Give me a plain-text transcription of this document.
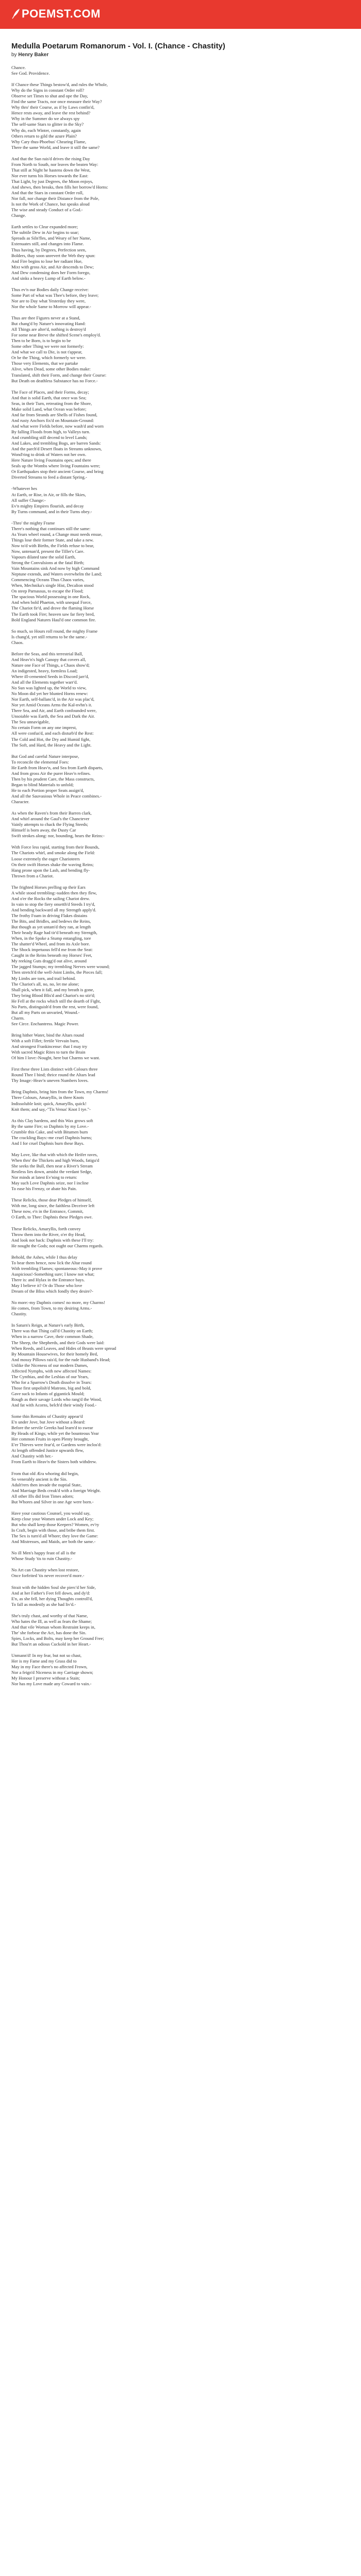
POEMST.COM
Medulla Poetarum Romanorum - Vol. I. (Chance - Chastity)
by Henry Baker
Chance.
See God. Providence.

If Chance these Things bestow'd, and rules the Whole,
Why do the Signs in constant Order roll?
Observe set Times to shut and ope the Day,
Find the same Tracts, nor once measure their Way?
Why thro' their Course, as if by Laws confin'd,
Hence rests away, and leave the rest behind?
Why in the Summer do we always spy
The self-same Stars to glitter in the Sky?
Why do, each Winter, constantly, again
Others return to gild the azure Plain?
Why Cary thus-Phoebus' Chearing Flame,
There the same World, and leave it still the same?

And that the Sun rais'd drives the rising Day
From North to South, nor leaves the beaten Way:
That still at Night he hastens down the West,
Nor ever turns his Horses towards the East:
That Light, by just Degrees, the Moon enjoys,
And shews, then breaks, then fills her borrow'd Horns:
And that the Stars in constant Order roll,
Nor fall, nor change their Distance from the Pole,
Is not the Work of Chance, but speaks aloud
The wise and steady Conduct of a God.-
Change.

Earth settles to Clear expanded more;
The subtile Dew in Air begins to soar;
Spreads as Siln'fles, and Weary of her Name,
Extenuates still, and changes into Flame.
Thus having, by Degrees, Perfection seen,
Bolders, thay soon unrevert the Web they spun:
And Fire begins to lose her radiant Hue,
Mixt with gross Air, and Air descends to Dew;
And Dew condensing does her Form forego,
And sinks a heavy Lump of Earth below.-

Thus ev'n our Bodies daily Change receive:
Some Part of what was Thee's before, they leave;
Nor are to Day what Yesterday they were,
Nor the whole Same to Morrow will appear.-

Thus are thee Figures never at a Stand,
But chang'd by Nature's innovating Hand:
All Things are alter'd, nothing is destroy'd
For some near Breve the shifted Scene's employ'd.
Then to be Born, is to begin to be
Some other Thing we were not formerly:
And what we call to Die, is not t'appear,
Or be the Thing, which formerly we were.
Those very Elements, that we partake
Alive, when Dead, some other Bodies make:
Translated, shift their Form, and change their Course:
But Death on deathless Substance has no Force.-

The Face of Places, and their Forms, decay;
And that is solid Earth, that once was Sea;
Seas, in their Turn, retreating from the Shore,
Make solid Land, what Ocean was before;
And far from Strands are Shells of Fishes found,
And rusty Anchors fix'd on Mountain-Ground:
And what were Fields before, now wash'd and worn
By falling Floods from high, to Valleys turn.
And crumbling still decend to level Lands;
And Lakes, and trembling Bogs, are barren Sands:
And the parch'd Desert floats in Streams unknown,
Wond'ring to drink of Waters not her own.
Here Nature living Fountains opes; and there
Seals up the Wombs where living Fountains were;
Or Earthquakes stop their ancient Course, and bring
Diverted Streams to feed a distant Spring.-

-Whatever hes
At Earth, or Rise, in Air, or fills the Skies,
All suffer Change:-
Ev'n mighty Empires flourish, and decay
By Turns command, and in their Turns obey.-

-Thro' the mighty Frame
There's nothing that continues still the same:
As Years wheel round, a Change must needs ensue,
Things lose their former State, and take a new.
Now to'd with Births, the Fields refuse to bear,
Now, untenan'd, present the Tiller's Care.
Vapours dilated tane the solid Earth,
Strong the Convulsions at the fatal Birth;
Vain Mountains sink And now by high Command
Neptune extends, and Waters overwhelm the Land;
Commencing Oceans Thus Chaos varies,
When, Mechnika's single Hist, Decalion stood
On steep Parnassus, to escape the Flood;
The spacious World possessing in one Rock,
And when bold Phaeton, with unequal Force,
The Chariot fir'd, and drove the flaming Horse
The Earth took Fire; heaven saw far fiery bred,
Bold England Natures Haul'd one common fire.

So much, so Hours roll round, the mighty Frame
Is chang'd, yet still returns to be the same.-
Chaos.

Before the Seas, and this terrestrial Ball,
And Heav'n's high Canopy that covers all,
Nature one Face of Things, a Chaos show'd;
An indigested, heavy, formless Load;
Where ill-cemented Seeds in Discord jarr'd,
And all the Elements together warr'd.
No Sun was lighted up, the World to view,
No Moon did yet her blunted Horns renew:
Nor Earth, self-ballanc'd, in the Air was plac'd,
Nor yet Amid Oceans Arms the Kal-nvhn's it.
There Sea, and Air, and Earth confounded were,
Unsoiable was Earth, the Sea and Dark the Air.
The Sea unnavigable,
No certain Form on any one imprest,
All were confus'd, and each disturb'd the Rest:
The Cold and Hot, the Dry and Humid fight,
The Soft, and Hard, the Heavy and the Light.

But God and careful Nature interpose,
To reconcile the elemental Foes:
He Earth from Heav'n, and Sea from Earth disparts,
And from gross Air the purer Heav'n refines.
Then by his prudent Care, the Mass constructs,
Began to blind Materials to unfold;
He to each Portion proper Seats assign'd,
And all the Sauvasious Whole in Peace combines.-
Character.

As when the Raven's from their Barren clark,
And whirl around the Gaul's the Chanctever
Vainly attempts to chack the Flying Steeds;
Himself is born away, the Dusty Car
Swift strokes along: nor, bounding, hears the Reins:-

With Force less rapid, starting from their Bounds,
The Chariots whirl, and smoke along the Field:
Loose extremely the eager Charioteers
On their swift Horses shake the waving Reins;
Hang prone upon the Lash, and bending fly-
Thrown from a Chariot.

The frighted Horses prelling up their Ears
A while stood trembling:-sudden then they flew,
And o'er the Rocks the sailing Chariot drew.
In vain to stop the fiery onsetth'd Steeds I try'd,
And bending backward all my Strength apply'd.
The frothy Foam in driving Flakes distains
The Bits, and Bridles, and bedews the Reins,
But though as yet untam'd they ran, at length
Their heady Rage had tir'd beneath my Strength,
When, in the Spoke a Stump entangling, tore
The shatter'd Wheel, and from its Axle bore.
The Shock impetuous fell'd me from the Seat:
Caught in the Reins beneath my Horses' Feet,
My reeking Guts dragg'd out alive, around
The jagged Stumps; my trembling Nerves were wound;
Then stretch'd the well-Joint Limbs, the Pieces fall;
My Limbs are torn, and trail behind.
The Chariot's all, no, no, let me alone;
Shall pick, when it fall, and my breath is gone,
They bring Blood Blis'd and Chariot's no stir'd;
He Fell at the rocks which still the dearth of Fight,
No Parts, distinguish'd from the rest, were found,
But all my Parts on unvaried, Wound.-
Charm.
See Circe. Enchantress. Magic Power.

Bring hither Water, bind the Altars round
With a soft Fillet; fertile Vervain burn,
And strongest Frankincense: that I may try
With sacred Magic Rites to turn the Brain
Of him I love:-Nought, here but Charms we want.

First these three Lists distinct with Colours three
Round Thee I bind; thrice round the Altars lead
Thy Image:-Heav'n uneven Numbers loves.

Bring Daphnis, bring him from the Town, my Charms!
Three Colours, Amaryllis, in three Knots
Indissoluble knit; quick, Amaryllis, quick!
Knit them; and say,-"Tis Venus' Knot I tye."-

As this Clay hardens, and this Wax grows soft
By the same Fire; so Daphnis by my Love.-
Crumble this Cake, and with Bitumen burn
The crackling Bays:-me cruel Daphnis burns;
And I for cruel Daphnis burn these Bays.

May Love, like that with which the Heifer raves,
When thro' the Thickets and high Woods, fatigu'd
She seeks the Bull, then near a River's Stream
Restless lies down, amidst the verdant Sedge,
Nor minds at latest Ev'ning to return:
May such Love Daphnis seize, nor I incline
To ease his Frenzy, or abate his Pain.

These Relicks, those dear Pledges of himself,
With me, long since, the faithless Deceiver left
These now, e'n in the Entrance, Commit,
O Earth, to Thee: Daphnis these Pledges owe.

These Relicks, Amaryllis, forth convey
Throw them into the River, o'er thy Head,
And look not back: Daphnis with these I'll try:
He nought the Gods; not ought our Charms regards.

Behold, the Ashes, while I thus delay
To bear them hence, now lick the Altar round
With trembling Flames; spontaneous:-May it prove
Auspicious!-Something sure; I know not what;
There is: and Hylax in the Entrance bays.
May I believe it? Or do Those who love
Dream of the Bliss which fondly they desire?-

No more:-my Daphnis comes! no more, my Charms!
He comes, from Town, to my desiring Arms.-
Chastity.

In Saturn's Reign, at Nature's early Birth,
There was that Thing call'd Chastity on Earth;
When in a narrow Cave, their common Shade,
The Sheep, the Shepherds, and their Gods were laid:
When Reeds, and Leaves, and Hides of Beasts were spread
By Mountain Housewives, for their homely Bed,
And mossy Pillows rais'd, for the rude Husband's Head;
Unlike the Niceness of our modern Dames,
Affected Nymphs, with new affected Names:
The Cynthias, and the Lesbias of our Years,
Who for a Sparrow's Death dissolve in Tears:
Those first unpolish'd Matrons, big and bold,
Gave suck to Infants of gigantick Mould;
Rough as their savage Lords who rang'd the Wood,
And fat with Acorns, belch'd their windy Food.-

Some thin Remains of Chastity appear'd
E'n under Jove, but Jove without a Beard:
Before the servile Greeks had learn'd to swear
By Heads of Kings; while yet the bounteous Year
Her common Fruits in open Plenty brought,
E'er Thieves were fear'd, or Gardens were inclos'd:
At length offended Justice upwards flew,
And Chastity with her.-
From Earth to Heav'n the Sisters both withdrew.

From that old Æra whoring did begin,
So venerably ancient is the Sin.
Adult'rers then invade the nuptial State,
And Marriage Beds creak'd with a foreign Weight.
All other Ills did Iron Times adorn;
But Whores and Silver in one Age were born.-

Have your cautious Counsel, you would say,
Keep close your Women under Lock and Key;
But who shall keep those Keepers? Women, ev'ry
In Craft, begin with those, and bribe them first.
The Sex is turn'd all Whore; they love the Game:
And Mistresses, and Maids, are both the same.-

No ill Men's happy feast of all is the
Whose Study 'tis to ruin Chastity.-

No Art can Chastity when lost restore,
Once forfeited 'tis never recover'd more.-

Strait with the hidden Soul she pierc'd her Side,
And at her Father's Feet fell down, and dy'd:
E'n, as she fell, her dying Thoughts controll'd,
To fall as modestly as she had liv'd.-

She's truly chast, and worthy of that Name,
Who hates the Ill, as well as fears the Shame;
And that vile Woman whom Restraint keeps in,
The' she forbear the Act, has done the Sin.
Spies, Locks, and Bolts, may keep her Ground Free;
But Thou'rt an odious Cuckold in her Heart.-

Unmann'd! In my fear, but not so chast,
Her is my Fame and my Grass did to
May in my Face there's no affected Frown,
Nor a feign'd Niceness in my Carriage shown;
My Honour I preserve without a Stain;
Nor has my Love made any Coward to vain.-
